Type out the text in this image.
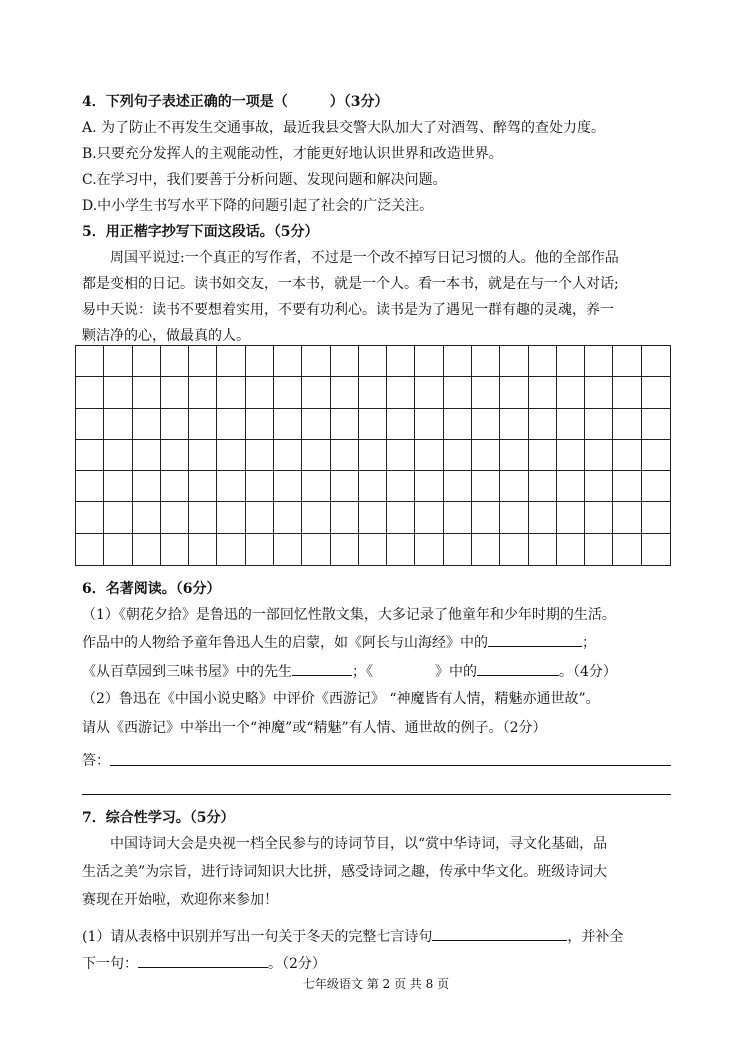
4．下列句子表述正确的一项是（　　　）（3分）
A. 为了防止不再发生交通事故，最近我县交警大队加大了对酒驾、醉驾的查处力度。
B.只要充分发挥人的主观能动性，才能更好地认识世界和改造世界。
C.在学习中，我们要善于分析问题、发现问题和解决问题。
D.中小学生书写水平下降的问题引起了社会的广泛关注。
5．用正楷字抄写下面这段话。（5分）
周国平说过:一个真正的写作者，不过是一个改不掉写日记习惯的人。他的全部作品
都是变相的日记。读书如交友，一本书，就是一个人。看一本书，就是在与一个人对话;
易中天说：读书不要想着实用，不要有功利心。读书是为了遇见一群有趣的灵魂，养一
颗洁净的心，做最真的人。
6．名著阅读。（6分）
（1）《朝花夕拾》是鲁迅的一部回忆性散文集，大多记录了他童年和少年时期的生活。
作品中的人物给予童年鲁迅人生的启蒙，如《阿长与山海经》中的	；
《从百草园到三味书屋》中的先生	；《	》中的	。（4分）
（2）鲁迅在《中国小说史略》中评价《西游记》 “神魔皆有人情，精魅亦通世故”。
请从《西游记》中举出一个“神魔”或“精魅”有人情、通世故的例子。（2分）
答：
7．综合性学习。（5分）
中国诗词大会是央视一档全民参与的诗词节目，以“赏中华诗词，寻文化基础，品
生活之美”为宗旨，进行诗词知识大比拼，感受诗词之趣，传承中华文化。班级诗词大
赛现在开始啦，欢迎你来参加！
(1）请从表格中识别并写出一句关于冬天的完整七言诗句	，并补全
下一句：	。（2分）
七年级语文 第 2 页 共 8 页
